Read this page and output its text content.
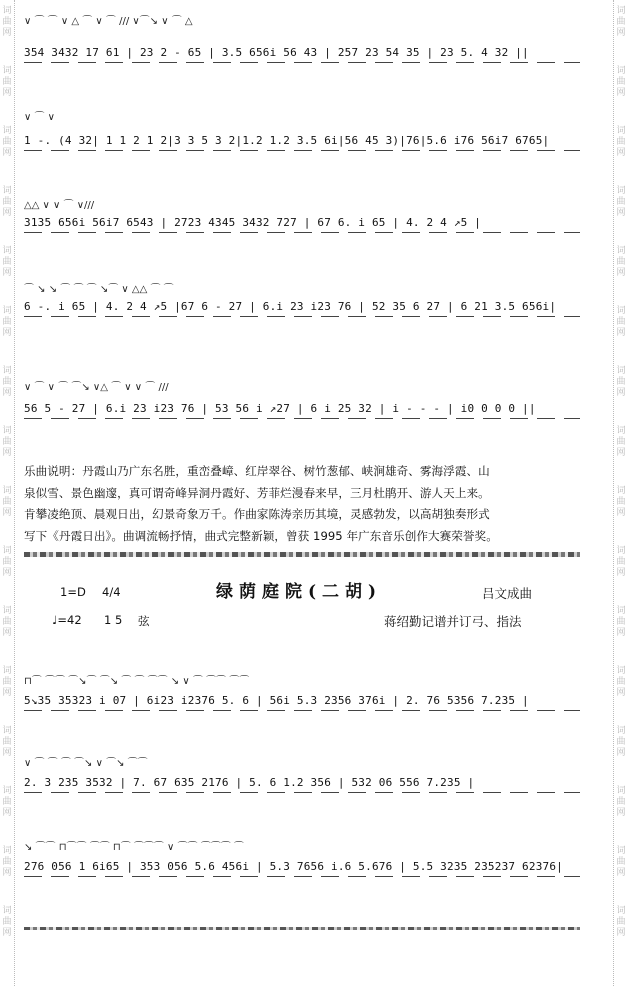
词
曲
网
词
曲
网
词
曲
网
词
曲
网
词
曲
网
词
曲
网
词
曲
网
词
曲
网
词
曲
网
词
曲
网
词
曲
网
词
曲
网
词
曲
网
词
曲
网
词
曲
网
词
曲
网
词
曲
网
词
曲
网
词
曲
网
词
曲
网
词
曲
网
词
曲
网
词
曲
网
词
曲
网
词
曲
网
词
曲
网
词
曲
网
词
曲
网
词
曲
网
词
曲
网
词
曲
网
词
曲
网
∨ ⌒ ⌒ ∨ △ ⌒ ∨ ⌒ /// ∨⌒↘ ∨ ⌒ △
354 3432 17 61 | 23 2 - 65 | 3.5 656i 56 43 | 257 23 54 35 | 23 5. 4 32 ||
∨ ⌒ ∨
1 -. (4 32| 1 1 2 1 2|3 3 5 3 2|1.2 1.2 3.5 6i|56 45 3)|76|5.6 i76 56i7 6765|
△△ ∨ ∨ ⌒ ∨///
3135 656i 56i7 6543 | 2723 4345 3432 727 | 67 6. i 65 | 4. 2 4 ↗5 |
⌒ ↘ ↘ ⌒ ⌒ ⌒ ↘⌒ ∨ △△ ⌒ ⌒
6 -. i 65 | 4. 2 4 ↗5 |67 6 - 27 | 6.i 23 i23 76 | 52 35 6 27 | 6 21 3.5 656i|
∨ ⌒ ∨ ⌒ ⌒↘ ∨△ ⌒ ∨ ∨ ⌒ ///
56 5 - 27 | 6.i 23 i23 76 | 53 56 i ↗27 | 6 i 25 32 | i - - - | i0 0 0 0 ||

乐曲说明：丹霞山乃广东名胜，重峦叠嶂、红岸翠谷、树竹葱郁、峡涧雄奇、雾海浮霞、山

泉似雪、景色幽邃，真可谓奇峰异洞丹霞好、芳菲烂漫春来早，三月杜鹃开、游人天上来。

肯攀凌绝顶、晨观日出，幻景奇象万千。作曲家陈涛亲历其境，灵感勃发，以高胡独奏形式

写下《丹霞日出》。曲调流畅抒情，曲式完整新颖，曾获 1995 年广东音乐创作大赛荣誉奖。

1=D 4/4	绿荫庭院(二胡)	吕文成曲
♩=42 1 5 弦	蒋绍勤记谱并订弓、指法
⊓⌒ ⌒⌒ ⌒↘⌒ ⌒↘ ⌒ ⌒ ⌒⌒ ↘ ∨ ⌒ ⌒⌒ ⌒⌒
5↘35 35323 i 07 | 6i23 i2376 5. 6 | 56i 5.3 2356 376i | 2. 76 5356 7.235 |
∨ ⌒ ⌒ ⌒ ⌒↘ ∨ ⌒↘ ⌒⌒
2. 3 235 3532 | 7. 67 635 2176 | 5. 6 1.2 356 | 532 06 556 7.235 |
↘ ⌒⌒ ⊓⌒⌒ ⌒⌒ ⊓⌒ ⌒⌒⌒ ∨ ⌒⌒ ⌒⌒⌒ ⌒
276 056 1 6i65 | 353 056 5.6 456i | 5.3 7656 i.6 5.676 | 5.5 3235 235237 62376|
